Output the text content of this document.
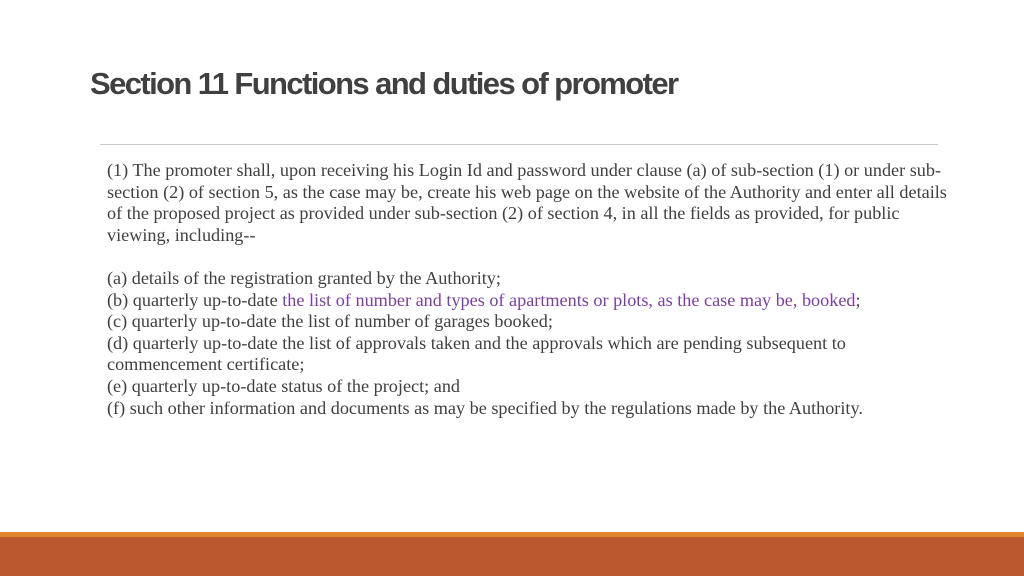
Section 11 Functions and duties of promoter

(1) The promoter shall, upon receiving his Login Id and password under clause (a) of sub-section (1) or under sub-section (2) of section 5, as the case may be, create his web page on the website of the Authority and enter all details of the proposed project as provided under sub-section (2) of section 4, in all the fields as provided, for public viewing, including--

(a) details of the registration granted by the Authority;
(b) quarterly up-to-date the list of number and types of apartments or plots, as the case may be, booked;
(c) quarterly up-to-date the list of number of garages booked;
(d) quarterly up-to-date the list of approvals taken and the approvals which are pending subsequent to commencement certificate;
(e) quarterly up-to-date status of the project; and
(f) such other information and documents as may be specified by the regulations made by the Authority.
